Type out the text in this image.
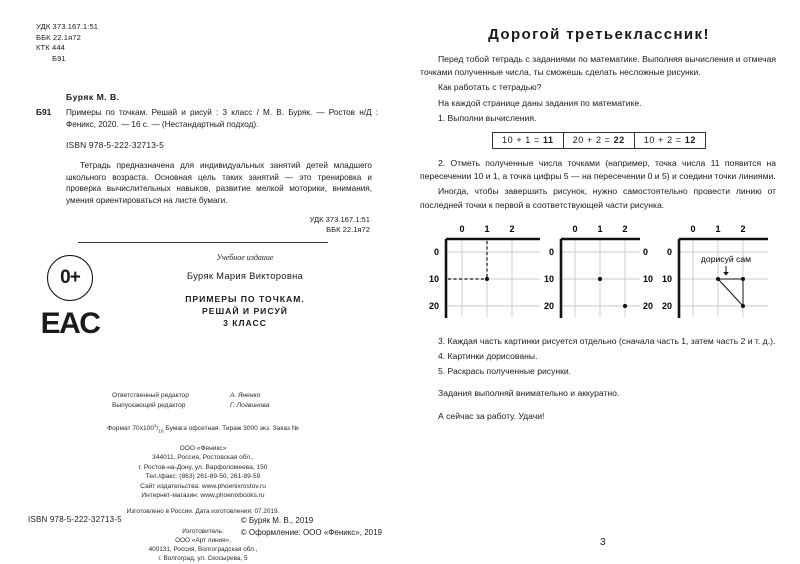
УДК 373.167.1:51
ББК 22.1я72
КТК 444
Б91
Буряк М. В.
Б91 Примеры по точкам. Решай и рисуй : 3 класс / М. В. Буряк. — Ростов н/Д : Феникс, 2020. — 16 с. — (Нестандартный подход).
ISBN 978-5-222-32713-5
Тетрадь предназначена для индивидуальных занятий детей младшего школьного возраста. Основная цель таких занятий — это тренировка и проверка вычислительных навыков, развитие мелкой моторики, внимания, умения ориентироваться на листе бумаги.
УДК 373.167.1:51
ББК 22.1я72
0+
EAC
Учебное издание
Буряк Мария Викторовна
ПРИМЕРЫ ПО ТОЧКАМ.
РЕШАЙ И РИСУЙ
3 КЛАСС
Ответственный редактор	А. Яненко
Выпускающий редактор	Г. Логвинова
Формат $70х100^1/_{16}$ Бумага офсетная. Тираж 3000 экз. Заказ №
ООО «Феникс»
344011, Россия, Ростовская обл.,
г. Ростов-на-Дону, ул. Варфоломеева, 150
Тел./факс: (863) 261-89-50, 261-89-59
Сайт издательства: www.phoenixrostov.ru
Интернет-магазин: www.phoenixbooks.ru
Изготовлено в России. Дата изготовления: 07.2019.
Изготовитель:
ООО «Арт линия»,
400131, Россия, Волгоградская обл.,
г. Волгоград, ул. Скосырева, 5
ISBN 978-5-222-32713-5	© Буряк М. В., 2019
© Оформление: ООО «Феникс», 2019
Дорогой третьеклассник!
Перед тобой тетрадь с заданиями по математике. Выполняя вычисления и отмечая точками полученные числа, ты сможешь сделать несложные рисунки.
Как работать с тетрадью?
На каждой странице даны задания по математике.
1. Выполни вычисления.
10 + 1 = 11	20 + 2 = 22	10 + 2 = 12
2. Отметь полученные числа точками (например, точка числа 11 появится на пересечении 10 и 1, а точка цифры 5 — на пересечении 0 и 5) и соедини точки линиями.
Иногда, чтобы завершить рисунок, нужно самостоятельно провести линию от последней точки к первой в соответствующей части рисунка.
0 1 2
0
10
20
0 1 2
0
10
20
0
10
20
0 1 2
0
10
20
дорисуй сам
3. Каждая часть картинки рисуется отдельно (сначала часть 1, затем часть 2 и т. д.).
4. Картинки дорисованы.
5. Раскрась полученные рисунки.
Задания выполняй внимательно и аккуратно.
А сейчас за работу. Удачи!
3
